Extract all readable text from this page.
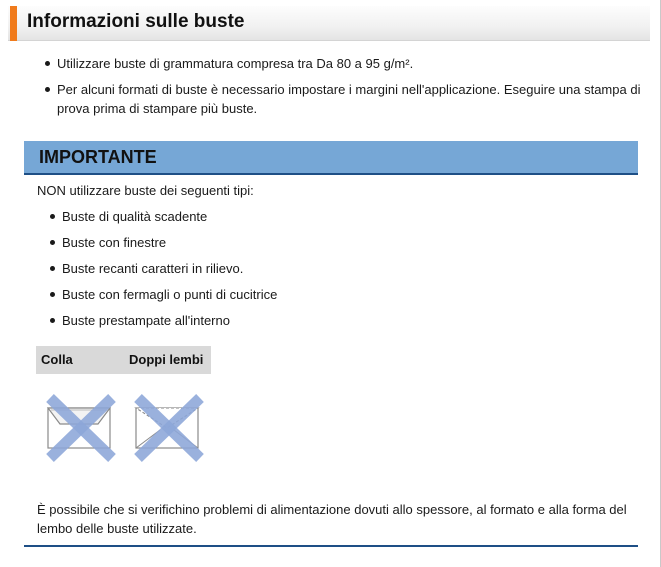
Informazioni sulle buste
Utilizzare buste di grammatura compresa tra Da 80 a 95 g/m².
Per alcuni formati di buste è necessario impostare i margini nell'applicazione. Eseguire una stampa di prova prima di stampare più buste.
IMPORTANTE
NON utilizzare buste dei seguenti tipi:
Buste di qualità scadente
Buste con finestre
Buste recanti caratteri in rilievo.
Buste con fermagli o punti di cucitrice
Buste prestampate all'interno
Colla	Doppi lembi
È possibile che si verifichino problemi di alimentazione dovuti allo spessore, al formato e alla forma del lembo delle buste utilizzate.
